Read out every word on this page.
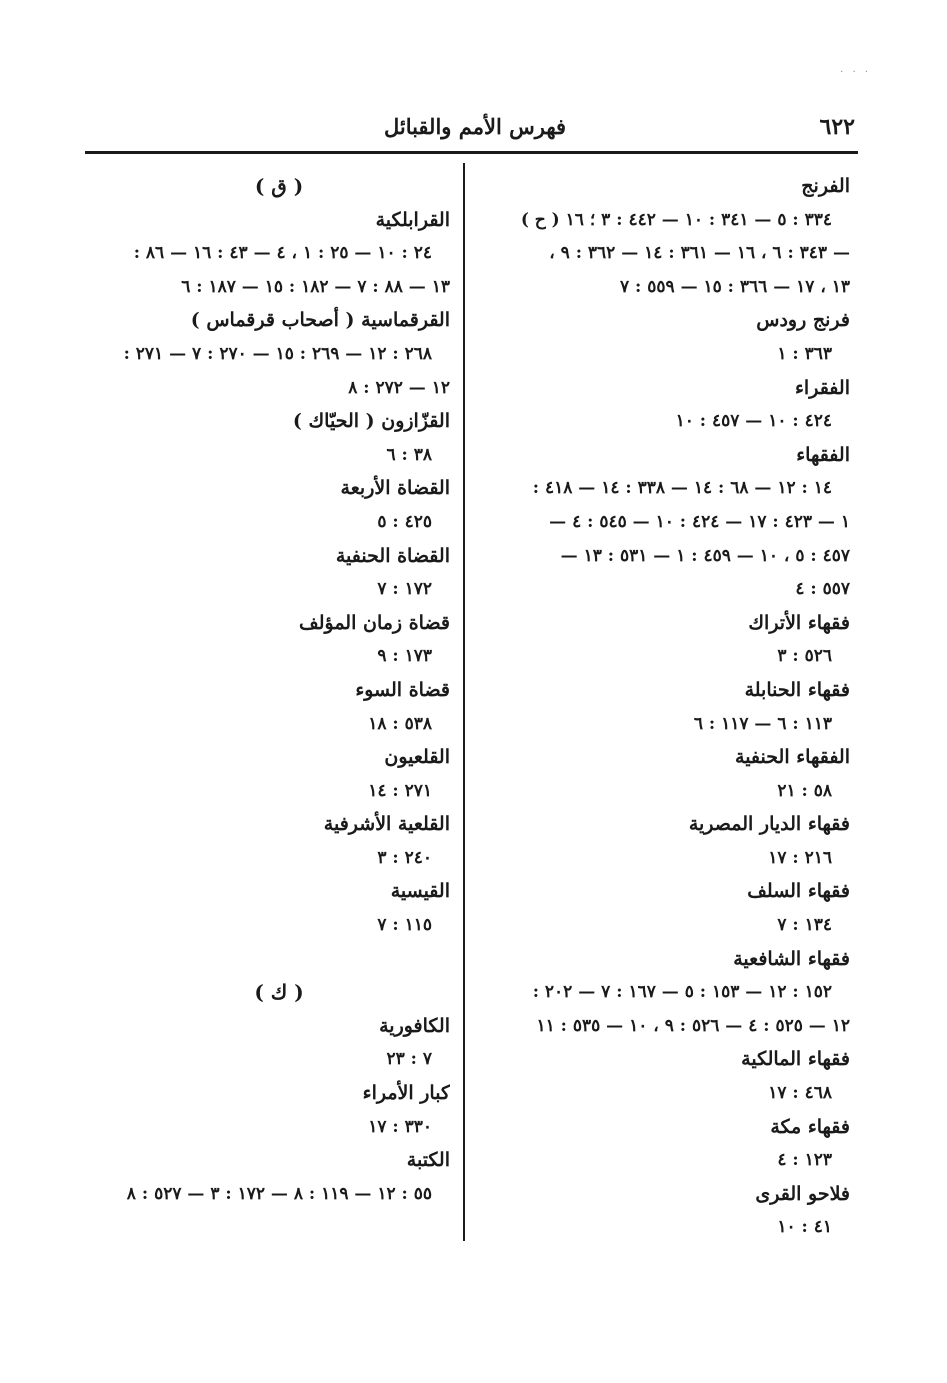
. . .
٦٢٢
فهرس الأمم والقبائل
الفرنج
٣٣٤ : ٥ — ٣٤١ : ١٠ — ٤٤٢ : ٣ ؛ ١٦ ( ح )
— ٣٤٣ : ٦ ، ١٦ — ٣٦١ : ١٤ — ٣٦٢ : ٩ ،
١٣ ، ١٧ — ٣٦٦ : ١٥ — ٥٥٩ : ٧
فرنج رودس
٣٦٣ : ١
الفقراء
٤٢٤ : ١٠ — ٤٥٧ : ١٠
الفقهاء
١٤ : ١٢ — ٦٨ : ١٤ — ٣٣٨ : ١٤ — ٤١٨ :
١ — ٤٢٣ : ١٧ — ٤٢٤ : ١٠ — ٥٤٥ : ٤ —
٤٥٧ : ٥ ، ١٠ — ٤٥٩ : ١ — ٥٣١ : ١٣ —
٥٥٧ : ٤
فقهاء الأتراك
٥٢٦ : ٣
فقهاء الحنابلة
١١٣ : ٦ — ١١٧ : ٦
الفقهاء الحنفية
٥٨ : ٢١
فقهاء الديار المصرية
٢١٦ : ١٧
فقهاء السلف
١٣٤ : ٧
فقهاء الشافعية
١٥٢ : ١٢ — ١٥٣ : ٥ — ١٦٧ : ٧ — ٢٠٢ :
١٢ — ٥٢٥ : ٤ — ٥٢٦ : ٩ ، ١٠ — ٥٣٥ : ١١
فقهاء المالكية
٤٦٨ : ١٧
فقهاء مكة
١٢٣ : ٤
فلاحو القرى
٤١ : ١٠
( ق )
القرابلكية
٢٤ : ١٠ — ٢٥ : ١ ، ٤ — ٤٣ : ١٦ — ٨٦ :
١٣ — ٨٨ : ٧ — ١٨٢ : ١٥ — ١٨٧ : ٦
القرقماسية ( أصحاب قرقماس )
٢٦٨ : ١٢ — ٢٦٩ : ١٥ — ٢٧٠ : ٧ — ٢٧١ :
١٢ — ٢٧٢ : ٨
القزّازون ( الحيّاك )
٣٨ : ٦
القضاة الأربعة
٤٢٥ : ٥
القضاة الحنفية
١٧٢ : ٧
قضاة زمان المؤلف
١٧٣ : ٩
قضاة السوء
٥٣٨ : ١٨
القلعيون
٢٧١ : ١٤
القلعية الأشرفية
٢٤٠ : ٣
القيسية
١١٥ : ٧
( ك )
الكافورية
٧ : ٢٣
كبار الأمراء
٣٣٠ : ١٧
الكتبة
٥٥ : ١٢ — ١١٩ : ٨ — ١٧٢ : ٣ — ٥٢٧ : ٨
